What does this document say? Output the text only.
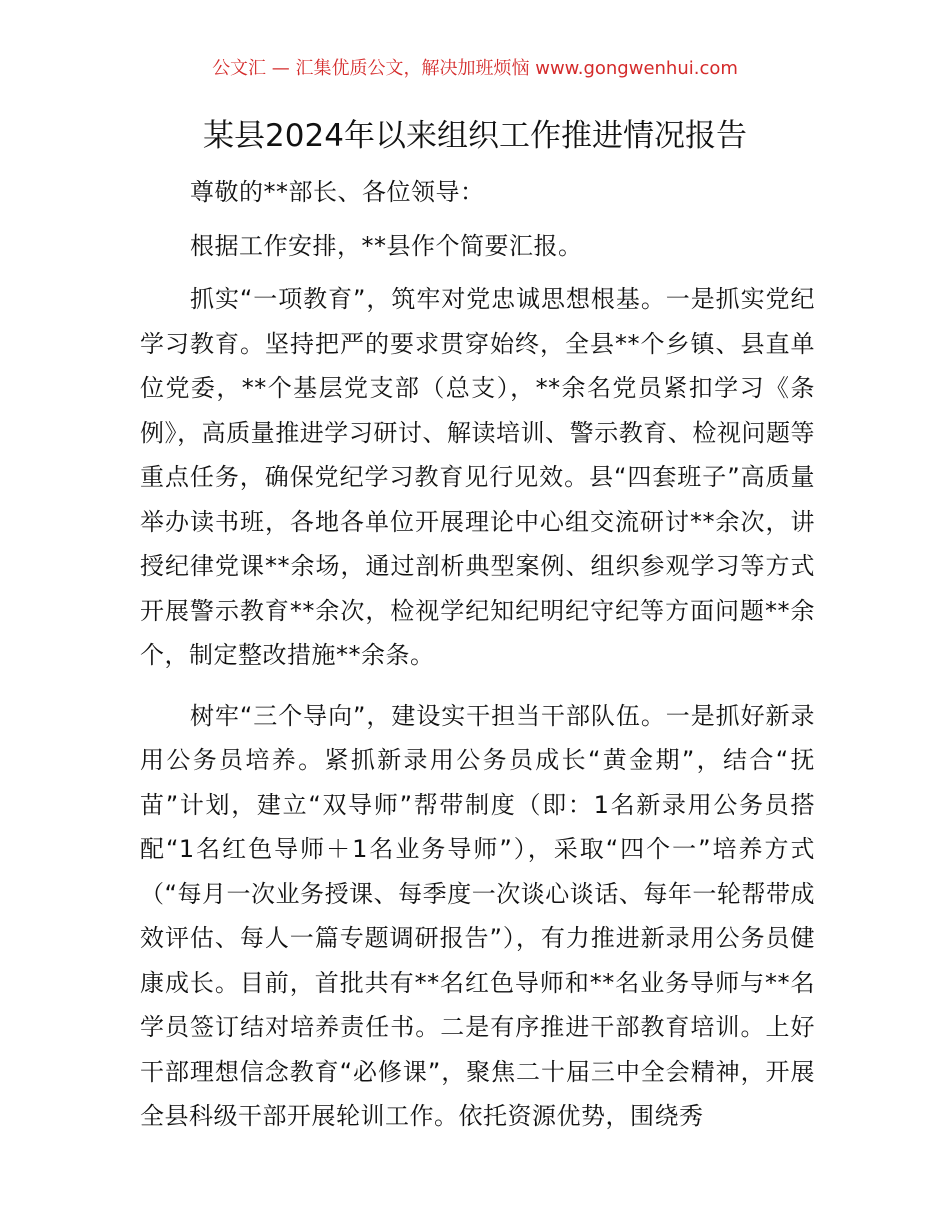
公文汇 — 汇集优质公文，解决加班烦恼 www.gongwenhui.com
某县2024年以来组织工作推进情况报告

尊敬的**部长、各位领导：

根据工作安排，**县作个简要汇报。

抓实“一项教育”，筑牢对党忠诚思想根基。一是抓实党纪学习教育。坚持把严的要求贯穿始终，全县**个乡镇、县直单位党委，**个基层党支部（总支），**余名党员紧扣学习《条例》，高质量推进学习研讨、解读培训、警示教育、检视问题等重点任务，确保党纪学习教育见行见效。县“四套班子”高质量举办读书班，各地各单位开展理论中心组交流研讨**余次，讲授纪律党课**余场，通过剖析典型案例、组织参观学习等方式开展警示教育**余次，检视学纪知纪明纪守纪等方面问题**余个，制定整改措施**余条。

树牢“三个导向”，建设实干担当干部队伍。一是抓好新录用公务员培养。紧抓新录用公务员成长“黄金期”，结合“抚苗”计划，建立“双导师”帮带制度（即：1名新录用公务员搭配“1名红色导师＋1名业务导师”），采取“四个一”培养方式（“每月一次业务授课、每季度一次谈心谈话、每年一轮帮带成效评估、每人一篇专题调研报告”），有力推进新录用公务员健康成长。目前，首批共有**名红色导师和**名业务导师与**名学员签订结对培养责任书。二是有序推进干部教育培训。上好干部理想信念教育“必修课”，聚焦二十届三中全会精神，开展全县科级干部开展轮训工作。依托资源优势，围绕秀
